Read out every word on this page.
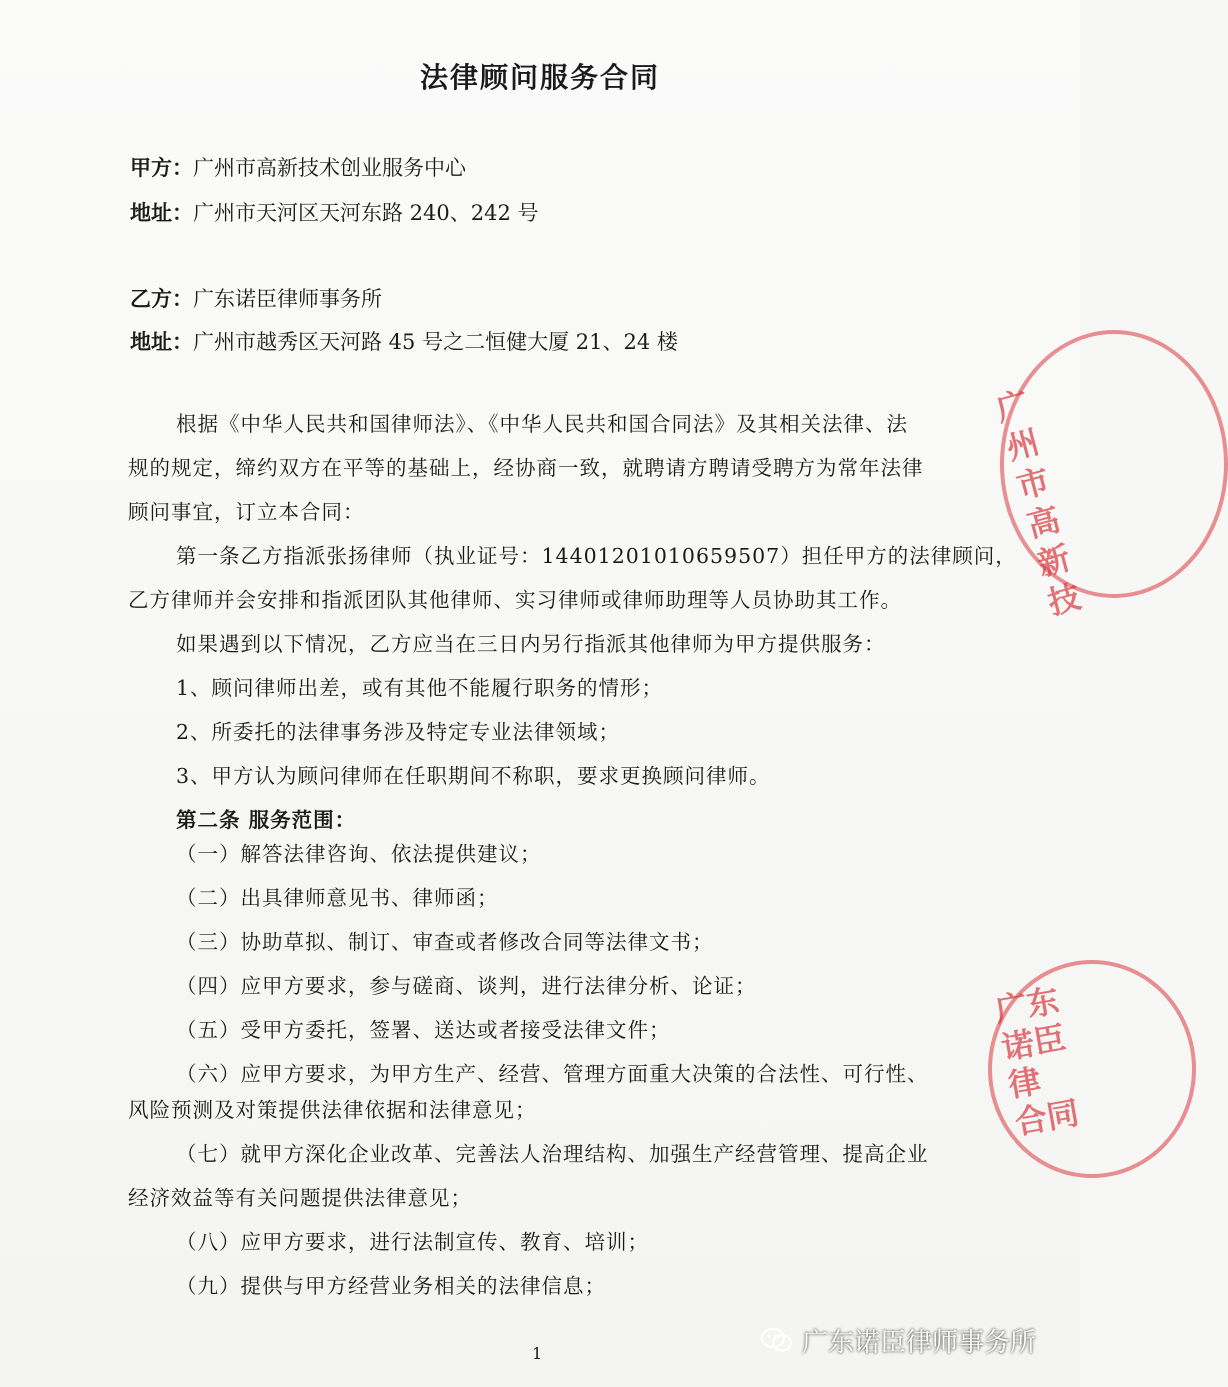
法律顾问服务合同
甲方：广州市高新技术创业服务中心
地址：广州市天河区天河东路 240、242 号
乙方：广东诺臣律师事务所
地址：广州市越秀区天河路 45 号之二恒健大厦 21、24 楼
根据《中华人民共和国律师法》、《中华人民共和国合同法》及其相关法律、法
规的规定，缔约双方在平等的基础上，经协商一致，就聘请方聘请受聘方为常年法律
顾问事宜，订立本合同：
第一条乙方指派张扬律师（执业证号：14401201010659507）担任甲方的法律顾问，
乙方律师并会安排和指派团队其他律师、实习律师或律师助理等人员协助其工作。
如果遇到以下情况，乙方应当在三日内另行指派其他律师为甲方提供服务：
1、顾问律师出差，或有其他不能履行职务的情形；
2、所委托的法律事务涉及特定专业法律领域；
3、甲方认为顾问律师在任职期间不称职，要求更换顾问律师。
第二条 服务范围：
（一）解答法律咨询、依法提供建议；
（二）出具律师意见书、律师函；
（三）协助草拟、制订、审查或者修改合同等法律文书；
（四）应甲方要求，参与磋商、谈判，进行法律分析、论证；
（五）受甲方委托，签署、送达或者接受法律文件；
（六）应甲方要求，为甲方生产、经营、管理方面重大决策的合法性、可行性、
风险预测及对策提供法律依据和法律意见；
（七）就甲方深化企业改革、完善法人治理结构、加强生产经营管理、提高企业
经济效益等有关问题提供法律意见；
（八）应甲方要求，进行法制宣传、教育、培训；
（九）提供与甲方经营业务相关的法律信息；
广州市高新技
广东诺臣律 合同
1	广东诺臣律师事务所
